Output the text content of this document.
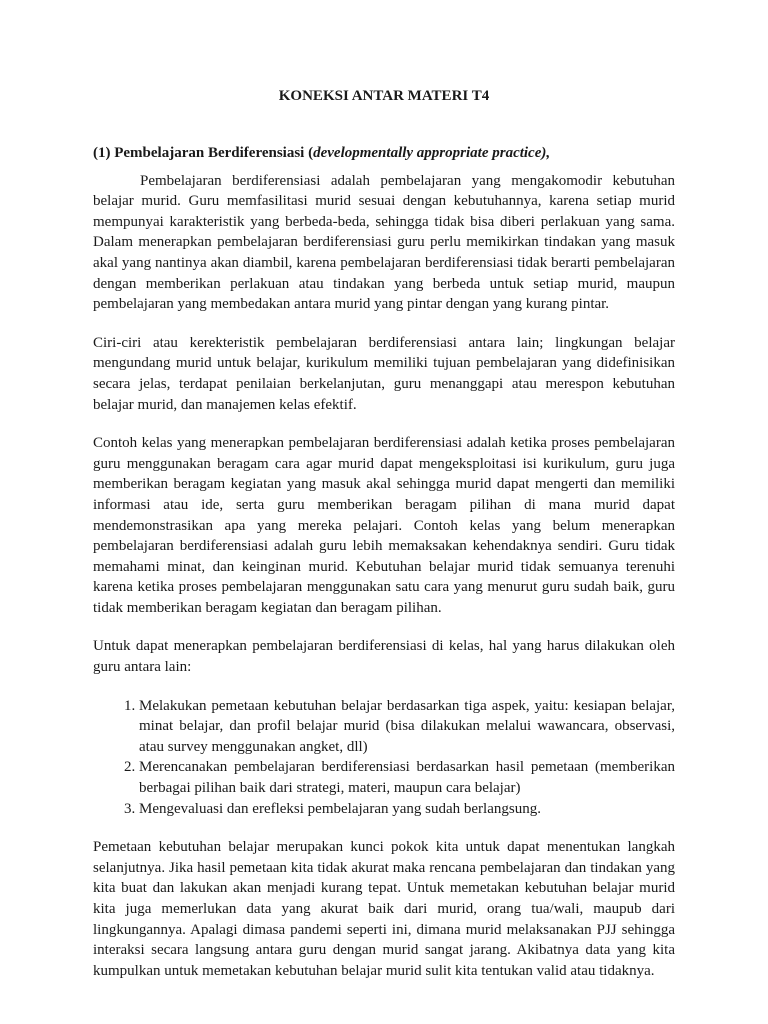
KONEKSI ANTAR MATERI T4
(1) Pembelajaran Berdiferensiasi (developmentally appropriate practice),

Pembelajaran berdiferensiasi adalah pembelajaran yang mengakomodir kebutuhan belajar murid. Guru memfasilitasi murid sesuai dengan kebutuhannya, karena setiap murid mempunyai karakteristik yang berbeda-beda, sehingga tidak bisa diberi perlakuan yang sama. Dalam menerapkan pembelajaran berdiferensiasi guru perlu memikirkan tindakan yang masuk akal yang nantinya akan diambil, karena pembelajaran berdiferensiasi tidak berarti pembelajaran dengan memberikan perlakuan atau tindakan yang berbeda untuk setiap murid, maupun pembelajaran yang membedakan antara murid yang pintar dengan yang kurang pintar.

Ciri-ciri atau kerekteristik pembelajaran berdiferensiasi antara lain; lingkungan belajar mengundang murid untuk belajar, kurikulum memiliki tujuan pembelajaran yang didefinisikan secara jelas, terdapat penilaian berkelanjutan, guru menanggapi atau merespon kebutuhan belajar murid, dan manajemen kelas efektif.

Contoh kelas yang menerapkan pembelajaran berdiferensiasi adalah ketika proses pembelajaran guru menggunakan beragam cara agar murid dapat mengeksploitasi isi kurikulum, guru juga memberikan beragam kegiatan yang masuk akal sehingga murid dapat mengerti dan memiliki informasi atau ide, serta guru memberikan beragam pilihan di mana murid dapat mendemonstrasikan apa yang mereka pelajari. Contoh kelas yang belum menerapkan pembelajaran berdiferensiasi adalah guru lebih memaksakan kehendaknya sendiri. Guru tidak memahami minat, dan keinginan murid. Kebutuhan belajar murid tidak semuanya terenuhi karena ketika proses pembelajaran menggunakan satu cara yang menurut guru sudah baik, guru tidak memberikan beragam kegiatan dan beragam pilihan.

Untuk dapat menerapkan pembelajaran berdiferensiasi di kelas, hal yang harus dilakukan oleh guru antara lain:

1. Melakukan pemetaan kebutuhan belajar berdasarkan tiga aspek, yaitu: kesiapan belajar, minat belajar, dan profil belajar murid (bisa dilakukan melalui wawancara, observasi, atau survey menggunakan angket, dll)
2. Merencanakan pembelajaran berdiferensiasi berdasarkan hasil pemetaan (memberikan berbagai pilihan baik dari strategi, materi, maupun cara belajar)
3. Mengevaluasi dan erefleksi pembelajaran yang sudah berlangsung.

Pemetaan kebutuhan belajar merupakan kunci pokok kita untuk dapat menentukan langkah selanjutnya. Jika hasil pemetaan kita tidak akurat maka rencana pembelajaran dan tindakan yang kita buat dan lakukan akan menjadi kurang tepat. Untuk memetakan kebutuhan belajar murid kita juga memerlukan data yang akurat baik dari murid, orang tua/wali, maupub dari lingkungannya. Apalagi dimasa pandemi seperti ini, dimana murid melaksanakan PJJ sehingga interaksi secara langsung antara guru dengan murid sangat jarang. Akibatnya data yang kita kumpulkan untuk memetakan kebutuhan belajar murid sulit kita tentukan valid atau tidaknya.
